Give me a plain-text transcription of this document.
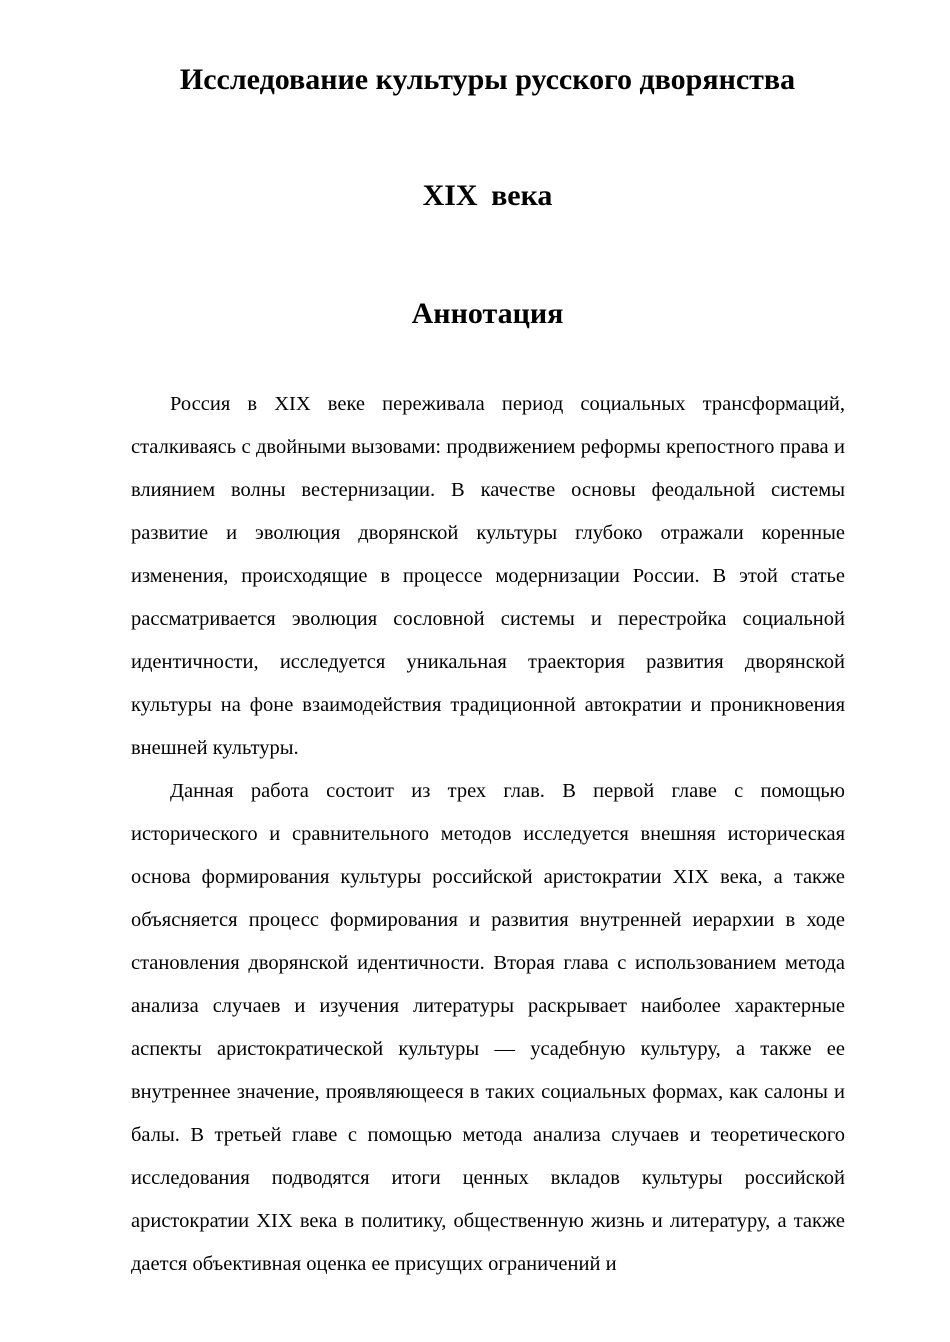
Исследование культуры русского дворянства
XIX века
Аннотация

Россия в XIX веке переживала период социальных трансформаций, сталкиваясь с двойными вызовами: продвижением реформы крепостного права и влиянием волны вестернизации. В качестве основы феодальной системы развитие и эволюция дворянской культуры глубоко отражали коренные изменения, происходящие в процессе модернизации России. В этой статье рассматривается эволюция сословной системы и перестройка социальной идентичности, исследуется уникальная траектория развития дворянской культуры на фоне взаимодействия традиционной автократии и проникновения внешней культуры.

Данная работа состоит из трех глав. В первой главе с помощью исторического и сравнительного методов исследуется внешняя историческая основа формирования культуры российской аристократии XIX века, а также объясняется процесс формирования и развития внутренней иерархии в ходе становления дворянской идентичности. Вторая глава с использованием метода анализа случаев и изучения литературы раскрывает наиболее характерные аспекты аристократической культуры — усадебную культуру, а также ее внутреннее значение, проявляющееся в таких социальных формах, как салоны и балы. В третьей главе с помощью метода анализа случаев и теоретического исследования подводятся итоги ценных вкладов культуры российской аристократии XIX века в политику, общественную жизнь и литературу, а также дается объективная оценка ее присущих ограничений и
